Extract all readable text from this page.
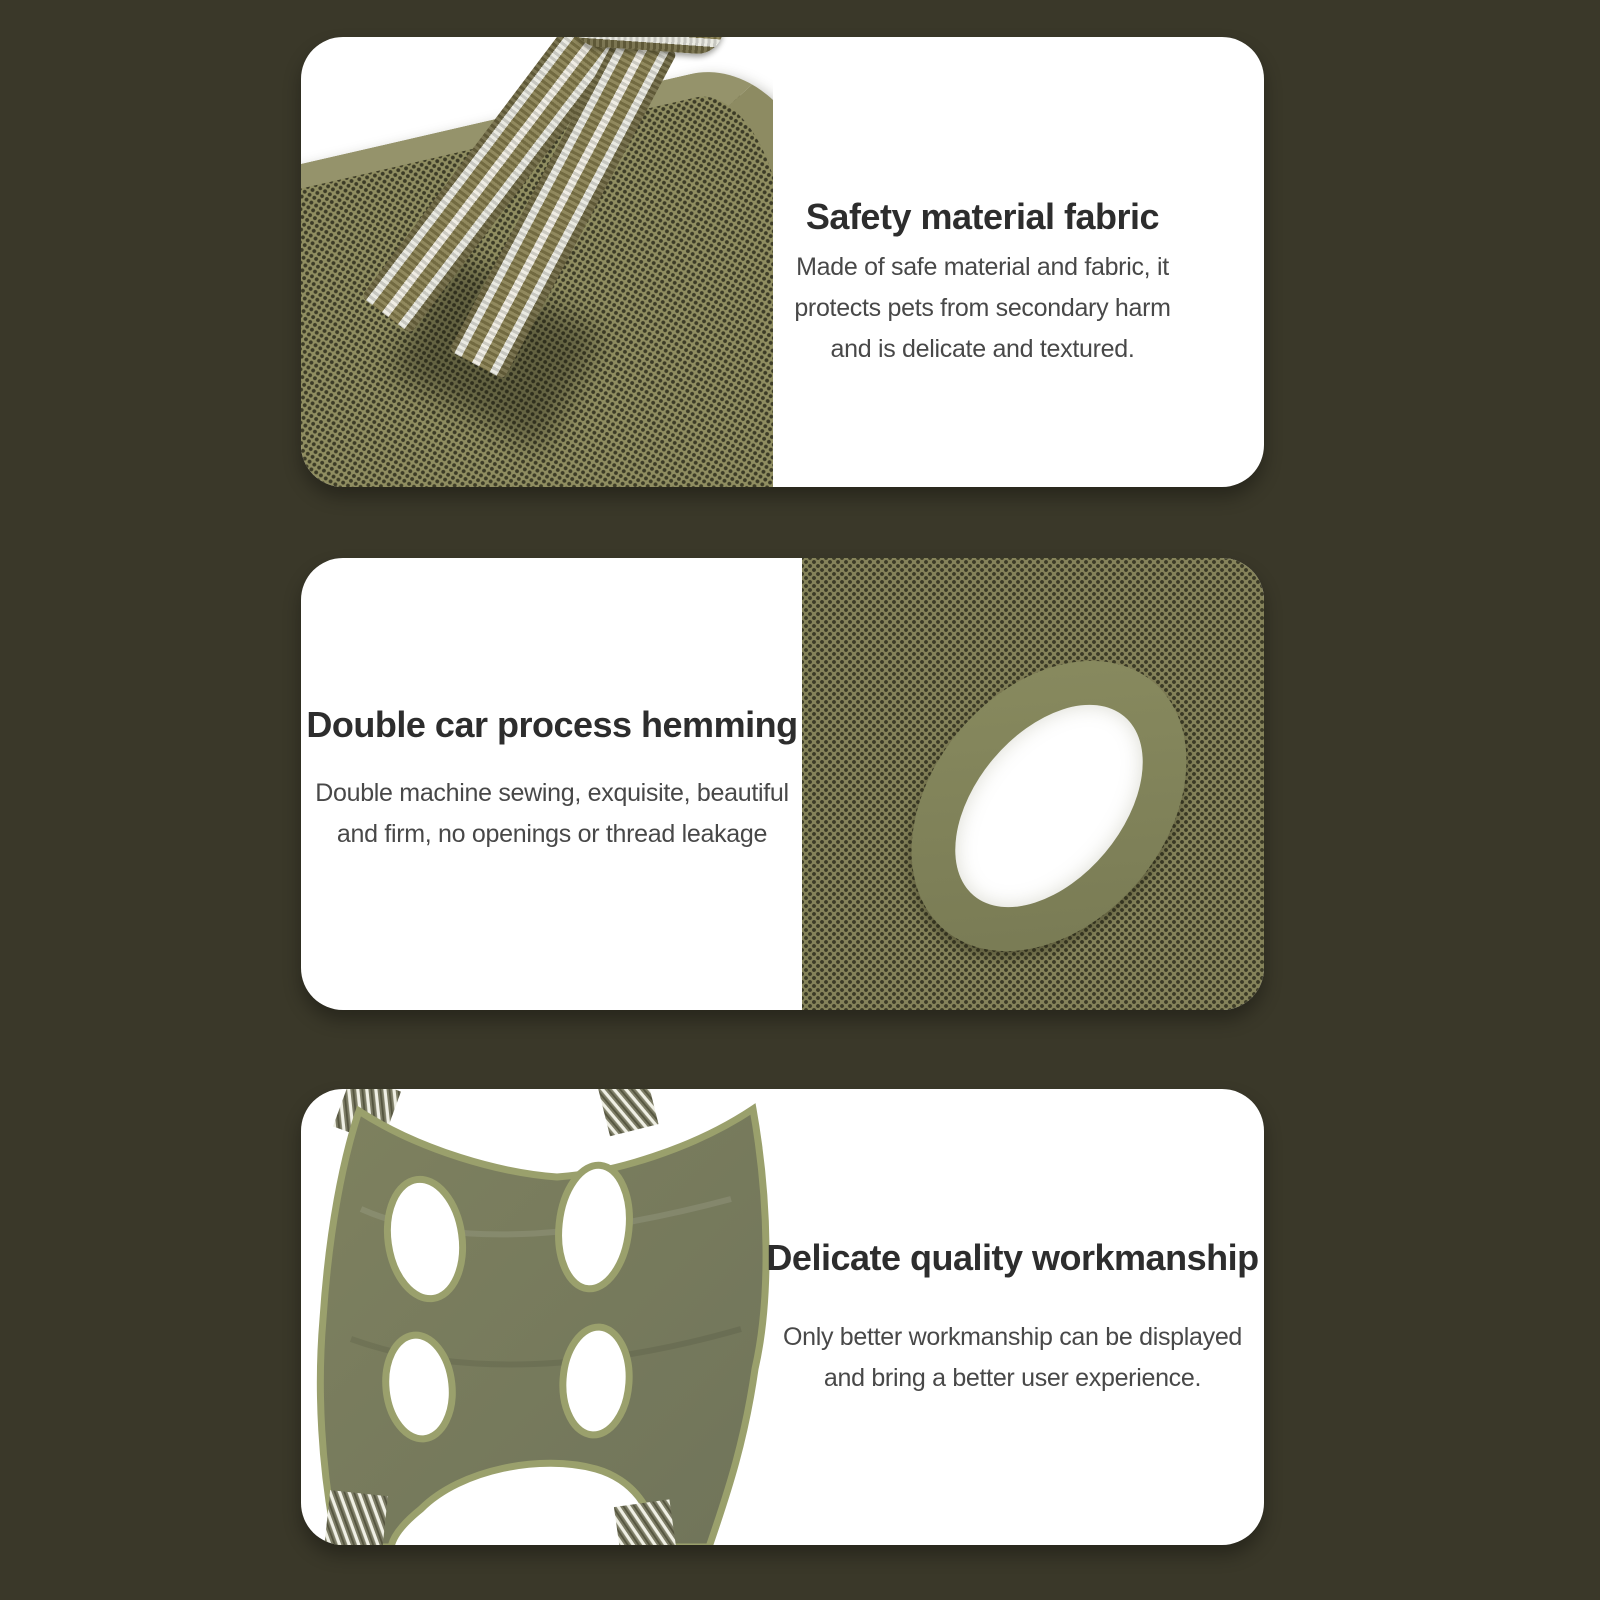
Safety material fabric
Made of safe material and fabric, it
protects pets from secondary harm
and is delicate and textured.
Double car process hemming
Double machine sewing, exquisite, beautiful
and firm, no openings or thread leakage
Delicate quality workmanship
Only better workmanship can be displayed
and bring a better user experience.
